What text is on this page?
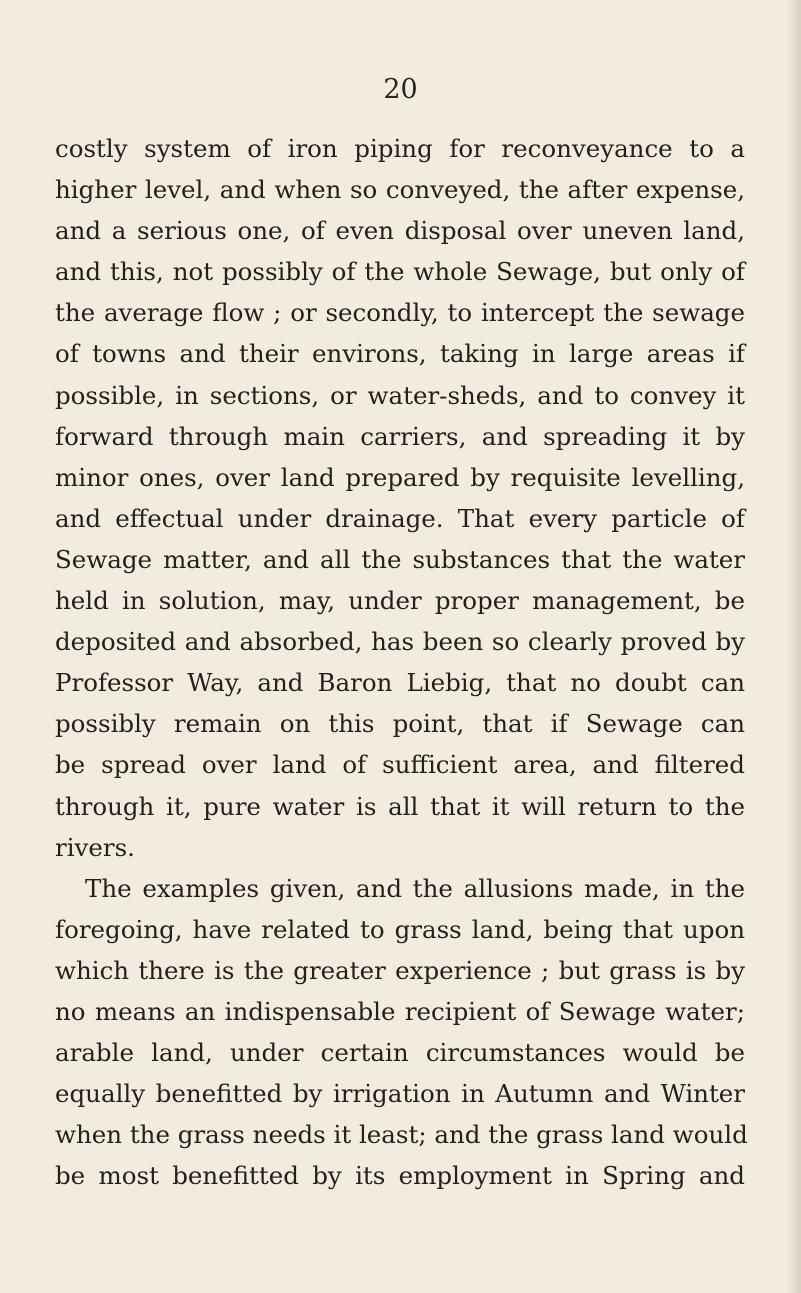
20
costly system of iron piping for reconveyance to a
higher level, and when so conveyed, the after expense,
and a serious one, of even disposal over uneven land,
and this, not possibly of the whole Sewage, but only of
the average flow ; or secondly, to intercept the sewage
of towns and their environs, taking in large areas if
possible, in sections, or water-sheds, and to convey it
forward through main carriers, and spreading it by
minor ones, over land prepared by requisite levelling,
and effectual under drainage. That every particle of
Sewage matter, and all the substances that the water
held in solution, may, under proper management, be
deposited and absorbed, has been so clearly proved by
Professor Way, and Baron Liebig, that no doubt can
possibly remain on this point, that if Sewage can
be spread over land of sufficient area, and filtered
through it, pure water is all that it will return to the
rivers.
The examples given, and the allusions made, in the
foregoing, have related to grass land, being that upon
which there is the greater experience ; but grass is by
no means an indispensable recipient of Sewage water;
arable land, under certain circumstances would be
equally benefitted by irrigation in Autumn and Winter
when the grass needs it least; and the grass land would
be most benefitted by its employment in Spring and
